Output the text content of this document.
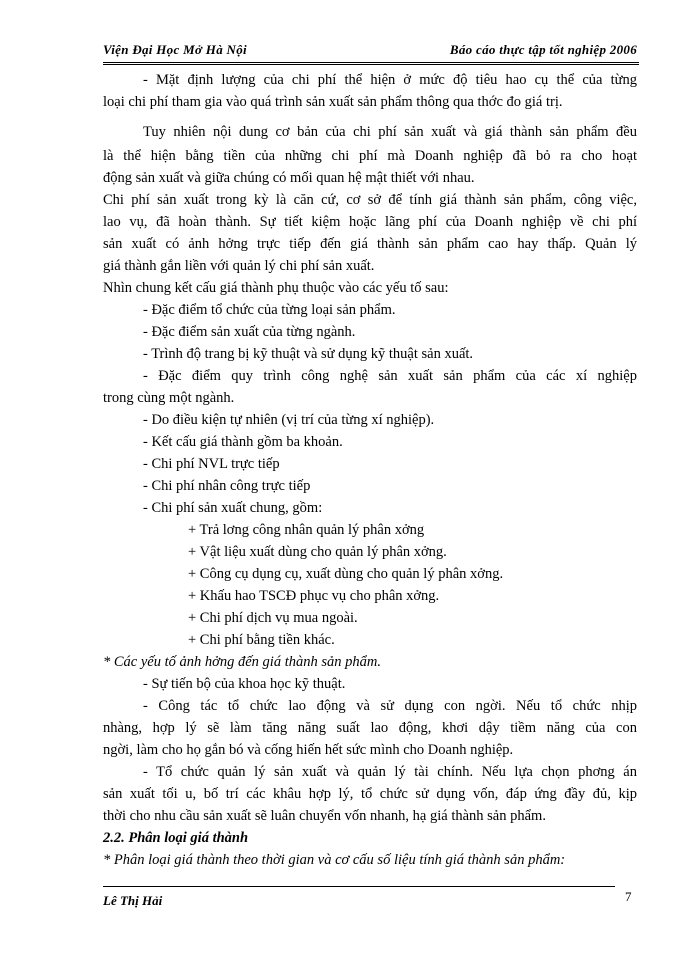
Viện Đại Học Mở Hà Nội	Báo cáo thực tập tốt nghiệp 2006
- Mặt định lượng của chi phí thể hiện ở mức độ tiêu hao cụ thể của từng
loại chi phí tham gia vào quá trình sản xuất sản phẩm thông qua thớc đo giá trị.
Tuy nhiên nội dung cơ bản của chi phí sản xuất và giá thành sản phẩm đều
là thể hiện bằng tiền của những chi phí mà Doanh nghiệp đã bỏ ra cho hoạt
động sản xuất và giữa chúng có mối quan hệ mật thiết với nhau.
Chi phí sản xuất trong kỳ là căn cứ, cơ sở để tính giá thành sản phẩm, công việc,
lao vụ, đã hoàn thành. Sự tiết kiệm hoặc lãng phí của Doanh nghiệp về chi phí
sản xuất có ảnh hởng trực tiếp đến giá thành sản phẩm cao hay thấp. Quản lý
giá thành gắn liền với quản lý chi phí sản xuất.
Nhìn chung kết cấu giá thành phụ thuộc vào các yếu tố sau:
- Đặc điểm tổ chức của từng loại sản phẩm.
- Đặc điểm sản xuất của từng ngành.
- Trình độ trang bị kỹ thuật và sử dụng kỹ thuật sản xuất.
- Đặc điểm quy trình công nghệ sản xuất sản phẩm của các xí nghiệp
trong cùng một ngành.
- Do điều kiện tự nhiên (vị trí của từng xí nghiệp).
- Kết cấu giá thành gồm ba khoản.
- Chi phí NVL trực tiếp
- Chi phí nhân công trực tiếp
- Chi phí sản xuất chung, gồm:
+ Trả lơng công nhân quản lý phân xởng
+ Vật liệu xuất dùng cho quản lý phân xởng.
+ Công cụ dụng cụ, xuất dùng cho quản lý phân xởng.
+ Khấu hao TSCĐ phục vụ cho phân xởng.
+ Chi phí dịch vụ mua ngoài.
+ Chi phí bằng tiền khác.
* Các yếu tố ảnh hởng đến giá thành sản phẩm.
- Sự tiến bộ của khoa học kỹ thuật.
- Công tác tổ chức lao động và sử dụng con ngời. Nếu tổ chức nhịp
nhàng, hợp lý sẽ làm tăng năng suất lao động, khơi dậy tiềm năng của con
ngời, làm cho họ gắn bó và cống hiến hết sức mình cho Doanh nghiệp.
- Tổ chức quản lý sản xuất và quản lý tài chính. Nếu lựa chọn phơng án
sản xuất tối u, bố trí các khâu hợp lý, tổ chức sử dụng vốn, đáp ứng đầy đủ, kịp
thời cho nhu cầu sản xuất sẽ luân chuyển vốn nhanh, hạ giá thành sản phẩm.
2.2. Phân loại giá thành
* Phân loại giá thành theo thời gian và cơ cấu số liệu tính giá thành sản phẩm:
Lê Thị Hải	7
